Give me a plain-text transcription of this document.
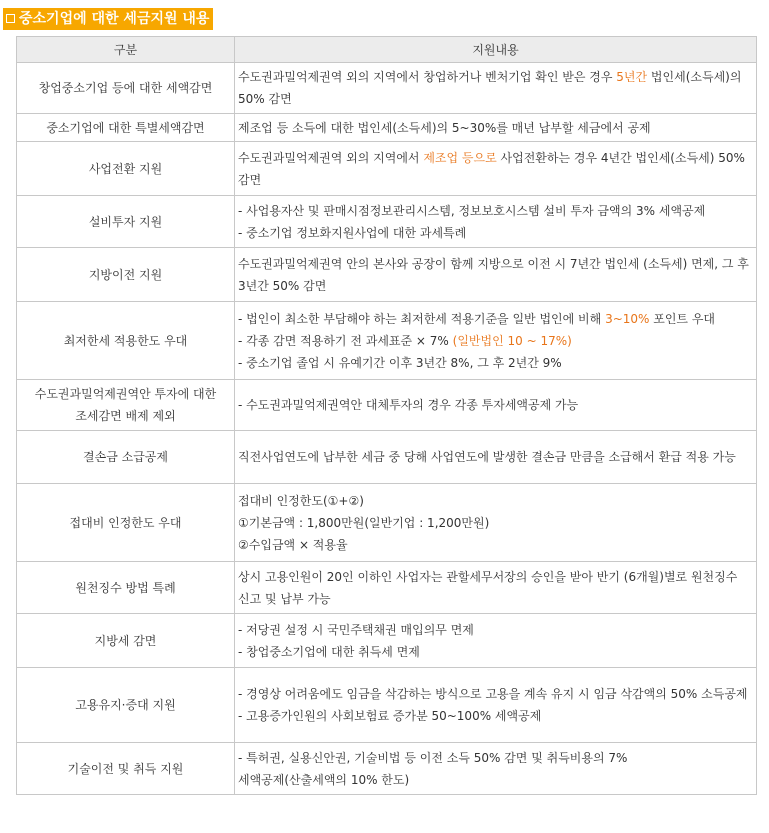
중소기업에 대한 세금지원 내용
구분	지원내용
창업중소기업 등에 대한 세액감면	수도권과밀억제권역 외의 지역에서 창업하거나 벤처기업 확인 받은 경우 5년간 법인세(소득세)의 50% 감면

중소기업에 대한 특별세액감면	제조업 등 소득에 대한 법인세(소득세)의 5~30%를 매년 납부할 세금에서 공제

사업전환 지원	수도권과밀억제권역 외의 지역에서 제조업 등으로 사업전환하는 경우 4년간 법인세(소득세) 50% 감면

설비투자 지원	- 사업용자산 및 판매시점정보관리시스템, 정보보호시스템 설비 투자 금액의 3% 세액공제
- 중소기업 정보화지원사업에 대한 과세특례

지방이전 지원	수도권과밀억제권역 안의 본사와 공장이 함께 지방으로 이전 시 7년간 법인세 (소득세) 면제, 그 후 3년간 50% 감면

최저한세 적용한도 우대	- 법인이 최소한 부담해야 하는 최저한세 적용기준을 일반 법인에 비해 3~10% 포인트 우대
- 각종 감면 적용하기 전 과세표준 × 7% (일반법인 10 ~ 17%)
- 중소기업 졸업 시 유예기간 이후 3년간 8%, 그 후 2년간 9%

수도권과밀억제권역안 투자에 대한 조세감면 배제 제외	- 수도권과밀억제권역안 대체투자의 경우 각종 투자세액공제 가능

결손금 소급공제	직전사업연도에 납부한 세금 중 당해 사업연도에 발생한 결손금 만큼을 소급해서 환급 적용 가능

접대비 인정한도 우대	접대비 인정한도(①+②)
①기본금액 : 1,800만원(일반기업 : 1,200만원)
②수입금액 × 적용율

원천징수 방법 특례	상시 고용인원이 20인 이하인 사업자는 관할세무서장의 승인을 받아 반기 (6개월)별로 원천징수 신고 및 납부 가능

지방세 감면	- 저당권 설정 시 국민주택채권 매입의무 면제
- 창업중소기업에 대한 취득세 면제

고용유지·증대 지원	- 경영상 어려움에도 임금을 삭감하는 방식으로 고용을 계속 유지 시 임금 삭감액의 50% 소득공제
- 고용증가인원의 사회보험료 증가분 50~100% 세액공제

기술이전 및 취득 지원	- 특허권, 실용신안권, 기술비법 등 이전 소득 50% 감면 및 취득비용의 7%
세액공제(산출세액의 10% 한도)
